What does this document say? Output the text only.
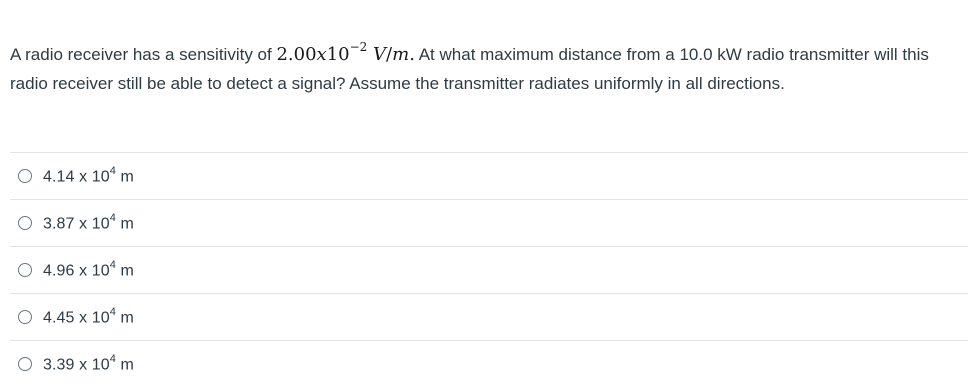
A radio receiver has a sensitivity of $2.00x10^{-2}$ V/m. At what maximum distance from a 10.0 kW radio transmitter will this radio receiver still be able to detect a signal? Assume the transmitter radiates uniformly in all directions.
4.14 x $10^4$ m
3.87 x $10^4$ m
4.96 x $10^4$ m
4.45 x $10^4$ m
3.39 x $10^4$ m
